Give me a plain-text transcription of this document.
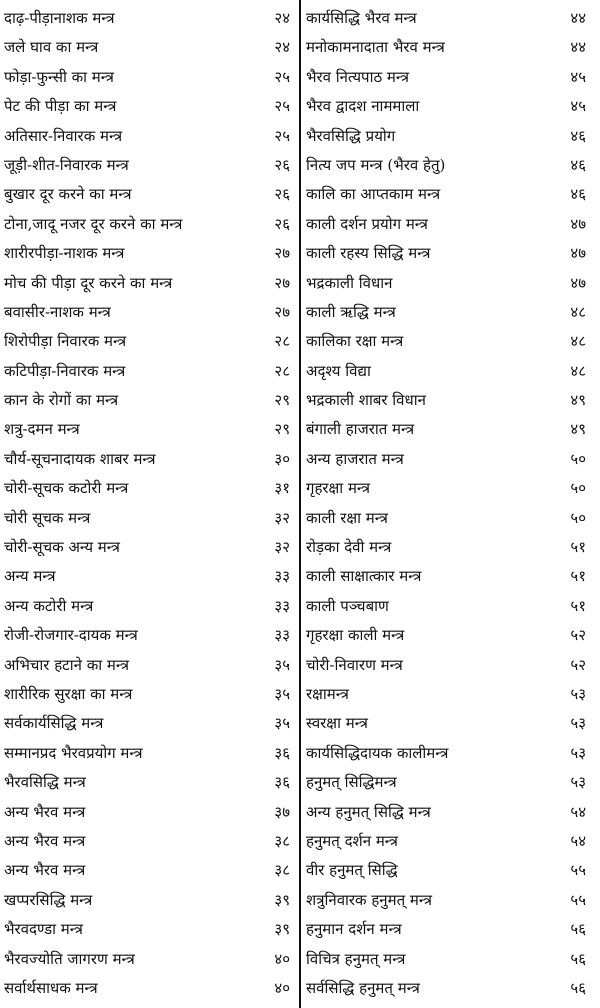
दाढ़-पीड़ानाशक मन्त्र	२४
जले घाव का मन्त्र	२४
फोड़ा-फुन्सी का मन्त्र	२५
पेट की पीड़ा का मन्त्र	२५
अतिसार-निवारक मन्त्र	२५
जूड़ी-शीत-निवारक मन्त्र	२६
बुखार दूर करने का मन्त्र	२६
टोना,जादू नजर दूर करने का मन्त्र	२६
शारीरपीड़ा-नाशक मन्त्र	२७
मोच की पीड़ा दूर करने का मन्त्र	२७
बवासीर-नाशक मन्त्र	२७
शिरोपीड़ा निवारक मन्त्र	२८
कटिपीड़ा-निवारक मन्त्र	२८
कान के रोगों का मन्त्र	२९
शत्रु-दमन मन्त्र	२९
चौर्य-सूचनादायक शाबर मन्त्र	३०
चोरी-सूचक कटोरी मन्त्र	३१
चोरी सूचक मन्त्र	३२
चोरी-सूचक अन्य मन्त्र	३२
अन्य मन्त्र	३३
अन्य कटोरी मन्त्र	३३
रोजी-रोजगार-दायक मन्त्र	३३
अभिचार हटाने का मन्त्र	३५
शारीरिक सुरक्षा का मन्त्र	३५
सर्वकार्यसिद्धि मन्त्र	३५
सम्मानप्रद भैरवप्रयोग मन्त्र	३६
भैरवसिद्धि मन्त्र	३६
अन्य भैरव मन्त्र	३७
अन्य भैरव मन्त्र	३८
अन्य भैरव मन्त्र	३८
खप्परसिद्धि मन्त्र	३९
भैरवदण्डा मन्त्र	३९
भैरवज्योति जागरण मन्त्र	४०
सर्वार्थसाधक मन्त्र	४०
कार्यसिद्धि भैरव मन्त्र	४४
मनोकामनादाता भैरव मन्त्र	४४
भैरव नित्यपाठ मन्त्र	४५
भैरव द्वादश नाममाला	४५
भैरवसिद्धि प्रयोग	४६
नित्य जप मन्त्र (भैरव हेतु)	४६
कालि का आप्तकाम मन्त्र	४६
काली दर्शन प्रयोग मन्त्र	४७
काली रहस्य सिद्धि मन्त्र	४७
भद्रकाली विधान	४७
काली ऋद्धि मन्त्र	४८
कालिका रक्षा मन्त्र	४८
अदृश्य विद्या	४८
भद्रकाली शाबर विधान	४९
बंगाली हाजरात मन्त्र	४९
अन्य हाजरात मन्त्र	५०
गृहरक्षा मन्त्र	५०
काली रक्षा मन्त्र	५०
रोड़का देवी मन्त्र	५१
काली साक्षात्कार मन्त्र	५१
काली पञ्चबाण	५१
गृहरक्षा काली मन्त्र	५२
चोरी-निवारण मन्त्र	५२
रक्षामन्त्र	५३
स्वरक्षा मन्त्र	५३
कार्यसिद्धिदायक कालीमन्त्र	५३
हनुमत् सिद्धिमन्त्र	५३
अन्य हनुमत् सिद्धि मन्त्र	५४
हनुमत् दर्शन मन्त्र	५४
वीर हनुमत् सिद्धि	५५
शत्रुनिवारक हनुमत् मन्त्र	५५
हनुमान दर्शन मन्त्र	५६
विचित्र हनुमत् मन्त्र	५६
सर्वसिद्धि हनुमत् मन्त्र	५६
